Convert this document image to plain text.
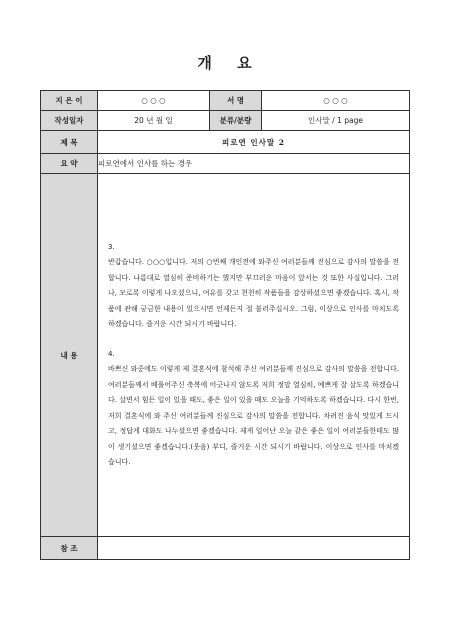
개 요
지 은 이	○ ○ ○	서 명	○ ○ ○
작성일자	20 년 월 일	분류/분량	인사말 / 1 page
제 목	피로연 인사말 2		
요 약	피로연에서 인사를 하는 경우		
내 용	3.
반갑습니다. ○○○입니다. 저의 ○번째 개인전에 와주신 여러분들께 진심으로 감사의 말씀을 전합니다. 나름대로 열심히 준비하기는 했지만 부끄러운 마음이 앞서는 것 또한 사실입니다. 그러나, 모로록 이렇게 나오셨으니, 여유를 갖고 천천히 작품들을 감상하셨으면 좋겠습니다. 혹시, 작품에 관해 궁금한 내용이 있으시면 언제든지 절 불러주십시오. 그럼, 이상으로 인사를 마치도록 하겠습니다. 즐거운 시간 되시기 바랍니다.
4.
바쁘신 와중에도 이렇게 제 결혼식에 참석해 주신 여러분들께 진심으로 감사의 말씀을 전합니다. 여러분들께서 베풀어주신 축복에 어긋나지 않도록 저희 정말 열심히, 예쁘게 잘 살도록 하겠습니다. 살면서 힘든 일이 있을 때도, 좋은 일이 있을 때도 오늘을 기억하도록 하겠습니다. 다시 한번, 저희 결혼식에 와 주신 여러분들께 진심으로 감사의 말씀을 전합니다. 차려진 음식 맛있게 드시고, 정답게 대화도 나누셨으면 좋겠습니다. 제게 일어난 오늘 같은 좋은 일이 여러분들한테도 많이 생기셨으면 좋겠습니다.(웃음) 부디, 즐거운 시간 되시기 바랍니다. 이상으로 인사를 마치겠습니다.		

참 조			
